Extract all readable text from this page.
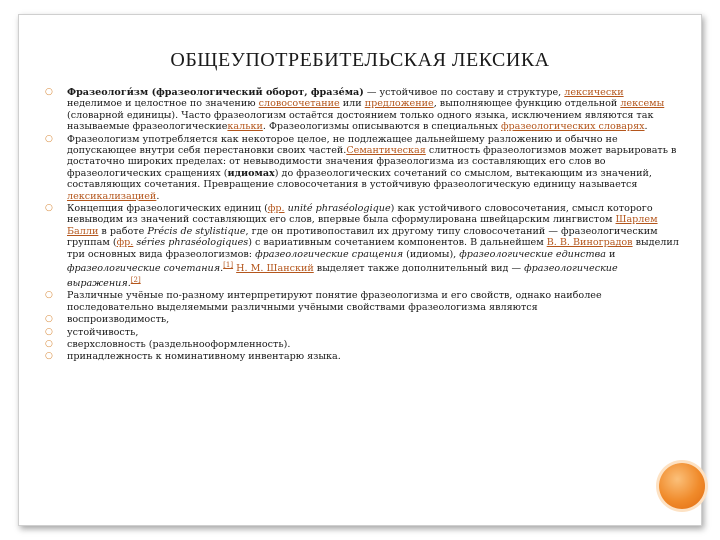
ОБЩЕУПОТРЕБИТЕЛЬСКАЯ ЛЕКСИКА
○ Фразеологи́зм (фразеологический оборот, фразе́ма) — устойчивое по составу и структуре, лексически неделимое и целостное по значению словосочетание или предложение, выполняющее функцию отдельной лексемы (словарной единицы). Часто фразеологизм остаётся достоянием только одного языка, исключением являются так называемые фразеологическиекальки. Фразеологизмы описываются в специальных фразеологических словарях.
○ Фразеологизм употребляется как некоторое целое, не подлежащее дальнейшему разложению и обычно не допускающее внутри себя перестановки своих частей.Семантическая слитность фразеологизмов может варьировать в достаточно широких пределах: от невыводимости значения фразеологизма из составляющих его слов во фразеологических сращениях (идиомах) до фразеологических сочетаний со смыслом, вытекающим из значений, составляющих сочетания. Превращение словосочетания в устойчивую фразеологическую единицу называется лексикализацией.
○ Концепция фразеологических единиц (фр. unité phraséologique) как устойчивого словосочетания, смысл которого невыводим из значений составляющих его слов, впервые была сформулирована швейцарским лингвистом Шарлем Балли в работе Précis de stylistique, где он противопоставил их другому типу словосочетаний — фразеологическим группам (фр. séries phraséologiques) с вариативным сочетанием компонентов. В дальнейшем В. В. Виноградов выделил три основных вида фразеологизмов: фразеологические сращения (идиомы), фразеологические единства и фразеологические сочетания.[1] Н. М. Шанский выделяет также дополнительный вид — фразеологические выражения.[2]
○ Различные учёные по-разному интерпретируют понятие фразеологизма и его свойств, однако наиболее последовательно выделяемыми различными учёными свойствами фразеологизма являются
○ воспроизводимость,
○ устойчивость,
○ сверхсловность (раздельнооформленность).
○ принадлежность к номинативному инвентарю языка.
